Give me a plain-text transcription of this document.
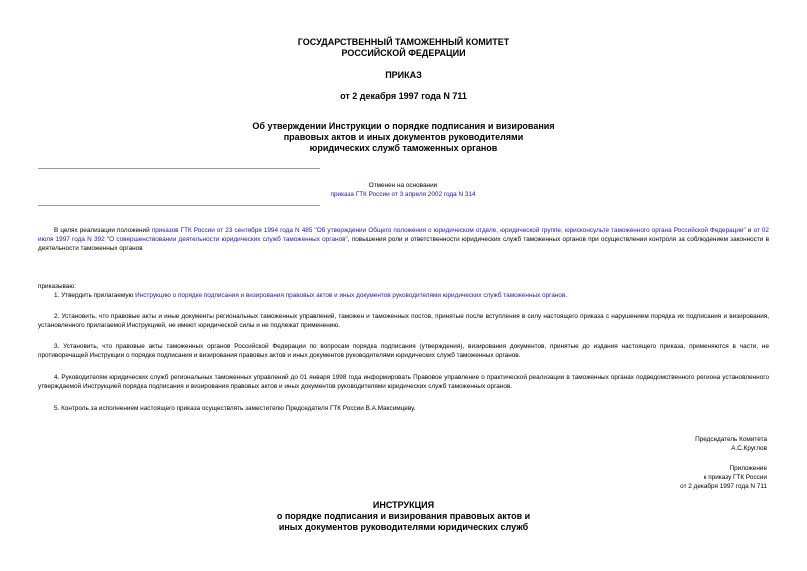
ГОСУДАРСТВЕННЫЙ ТАМОЖЕННЫЙ КОМИТЕТ
РОССИЙСКОЙ ФЕДЕРАЦИИ
ПРИКАЗ
от 2 декабря 1997 года N 711
Об утверждении Инструкции о порядке подписания и визирования
правовых актов и иных документов руководителями
юридических служб таможенных органов
Отменен на основании
приказа ГТК России от 3 апреля 2002 года N 314
В целях реализации положений приказов ГТК России от 23 сентября 1994 года N 485 "Об утверждении Общего положения о юридическом отделе, юридической группе, юрисконсульте таможенного органа Российской Федерации" и от 02 июля 1997 года N 392 "О совершенствовании деятельности юридических служб таможенных органов", повышения роли и ответственности юридических служб таможенных органов при осуществлении контроля за соблюдением законности в деятельности таможенных органов
приказываю:
1. Утвердить прилагаемую Инструкцию о порядке подписания и визирования правовых актов и иных документов руководителями юридических служб таможенных органов.
2. Установить, что правовые акты и иные документы региональных таможенных управлений, таможен и таможенных постов, принятые после вступления в силу настоящего приказа с нарушением порядка их подписания и визирования, установленного прилагаемой Инструкцией, не имеют юридической силы и не подлежат применению.
3. Установить, что правовые акты таможенных органов Российской Федерации по вопросам порядка подписания (утверждения), визирования документов, принятые до издания настоящего приказа, применяются в части, не противоречащей Инструкции о порядке подписания и визирования правовых актов и иных документов руководителями юридических служб таможенных органов.
4. Руководителям юридических служб региональных таможенных управлений до 01 января 1998 года информировать Правовое управление о практической реализации в таможенных органах подведомственного региона установленного утверждаемой Инструкцией порядка подписания и визирования правовых актов и иных документов руководителями юридических служб таможенных органов.
5. Контроль за исполнением настоящего приказа осуществлять заместителю Председателя ГТК России В.А.Максимцеву.
Председатель Комитета
А.С.Круглов
Приложение
к приказу ГТК России
от 2 декабря 1997 года N 711
ИНСТРУКЦИЯ
о порядке подписания и визирования правовых актов и
иных документов руководителями юридических служб
